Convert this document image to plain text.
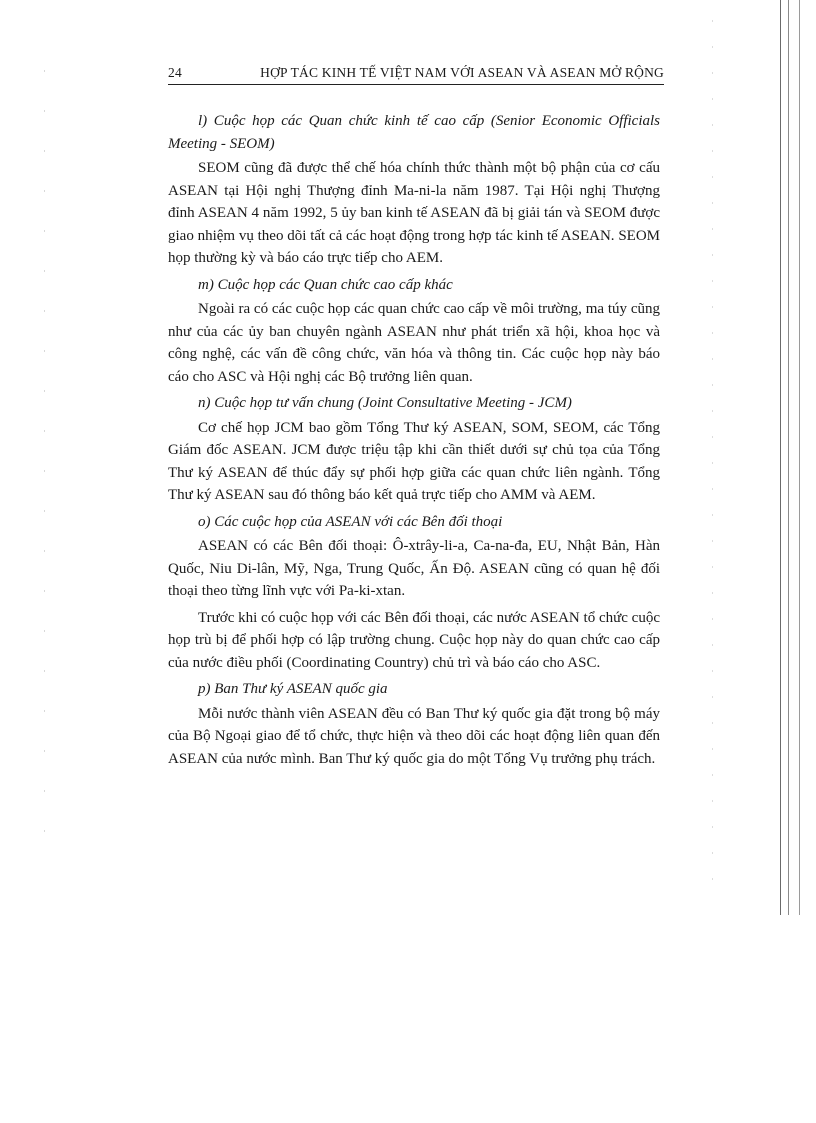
24	HỢP TÁC KINH TẾ VIỆT NAM VỚI ASEAN VÀ ASEAN MỞ RỘNG

l) Cuộc họp các Quan chức kinh tế cao cấp (Senior Economic Officials Meeting - SEOM)

SEOM cũng đã được thể chế hóa chính thức thành một bộ phận của cơ cấu ASEAN tại Hội nghị Thượng đỉnh Ma-ni-la năm 1987. Tại Hội nghị Thượng đỉnh ASEAN 4 năm 1992, 5 ủy ban kinh tế ASEAN đã bị giải tán và SEOM được giao nhiệm vụ theo dõi tất cả các hoạt động trong hợp tác kinh tế ASEAN. SEOM họp thường kỳ và báo cáo trực tiếp cho AEM.

m) Cuộc họp các Quan chức cao cấp khác

Ngoài ra có các cuộc họp các quan chức cao cấp về môi trường, ma túy cũng như của các ủy ban chuyên ngành ASEAN như phát triển xã hội, khoa học và công nghệ, các vấn đề công chức, văn hóa và thông tin. Các cuộc họp này báo cáo cho ASC và Hội nghị các Bộ trưởng liên quan.

n) Cuộc họp tư vấn chung (Joint Consultative Meeting - JCM)

Cơ chế họp JCM bao gồm Tổng Thư ký ASEAN, SOM, SEOM, các Tổng Giám đốc ASEAN. JCM được triệu tập khi cần thiết dưới sự chủ tọa của Tổng Thư ký ASEAN để thúc đẩy sự phối hợp giữa các quan chức liên ngành. Tổng Thư ký ASEAN sau đó thông báo kết quả trực tiếp cho AMM và AEM.

o) Các cuộc họp của ASEAN với các Bên đối thoại

ASEAN có các Bên đối thoại: Ô-xtrây-li-a, Ca-na-đa, EU, Nhật Bản, Hàn Quốc, Niu Di-lân, Mỹ, Nga, Trung Quốc, Ấn Độ. ASEAN cũng có quan hệ đối thoại theo từng lĩnh vực với Pa-ki-xtan.

Trước khi có cuộc họp với các Bên đối thoại, các nước ASEAN tổ chức cuộc họp trù bị để phối hợp có lập trường chung. Cuộc họp này do quan chức cao cấp của nước điều phối (Coordinating Country) chủ trì và báo cáo cho ASC.

p) Ban Thư ký ASEAN quốc gia

Mỗi nước thành viên ASEAN đều có Ban Thư ký quốc gia đặt trong bộ máy của Bộ Ngoại giao để tổ chức, thực hiện và theo dõi các hoạt động liên quan đến ASEAN của nước mình. Ban Thư ký quốc gia do một Tổng Vụ trưởng phụ trách.
